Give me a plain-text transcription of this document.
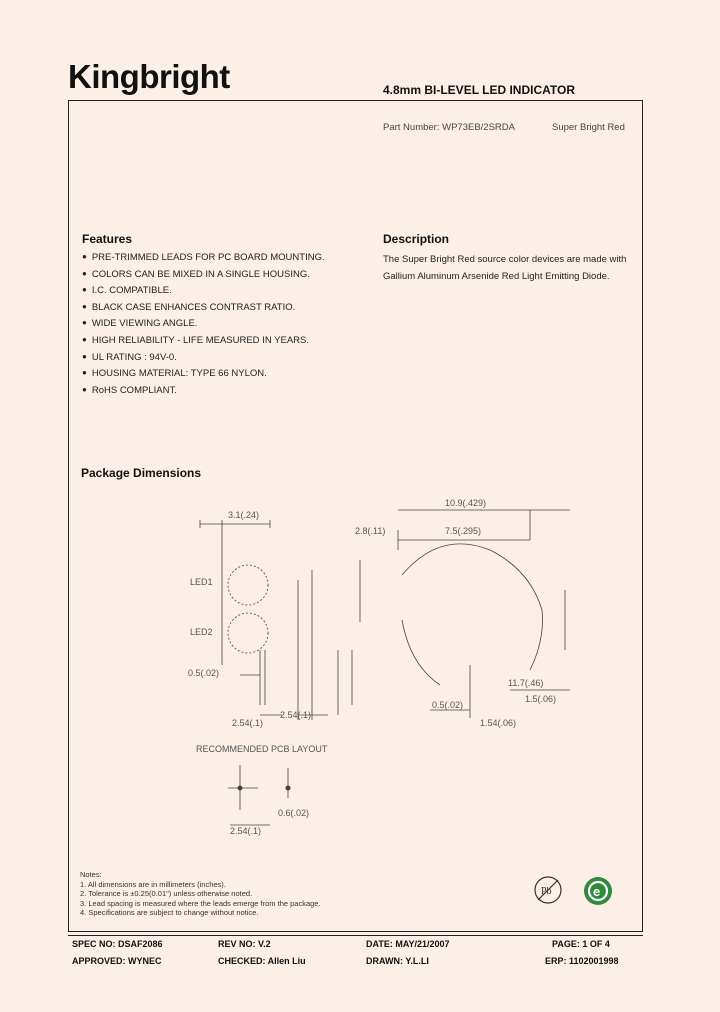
Kingbright	4.8mm BI-LEVEL LED INDICATOR
Part Number: WP73EB/2SRDA	Super Bright Red
Features
● PRE-TRIMMED LEADS FOR PC BOARD MOUNTING.
● COLORS CAN BE MIXED IN A SINGLE HOUSING.
● I.C. COMPATIBLE.
● BLACK CASE ENHANCES CONTRAST RATIO.
● WIDE VIEWING ANGLE.
● HIGH RELIABILITY - LIFE MEASURED IN YEARS.
● UL RATING : 94V-0.
● HOUSING MATERIAL: TYPE 66 NYLON.
● RoHS COMPLIANT.
Description
The Super Bright Red source color devices are made with Gallium Aluminum Arsenide Red Light Emitting Diode.
Package Dimensions
3.1(.24)
10.9(.429)
2.8(.11)	7.5(.295)
LED1
LED2
0.5(.02)
2.54(.1)
2.54(.1)
RECOMMENDED PCB LAYOUT
2.54(.1)
11.7(.46)
0.5(.02)
1.5(.06)
1.54(.06)
0.6(.02)
Notes:
1. All dimensions are in millimeters (inches).
2. Tolerance is ±0.25(0.01") unless otherwise noted.
3. Lead spacing is measured where the leads emerge from the package.
4. Specifications are subject to change without notice.
Pb	e
SPEC NO: DSAF2086	REV NO: V.2	DATE: MAY/21/2007	PAGE: 1 OF 4
APPROVED: WYNEC	CHECKED: Allen Liu	DRAWN: Y.L.LI	ERP: 1102001998
